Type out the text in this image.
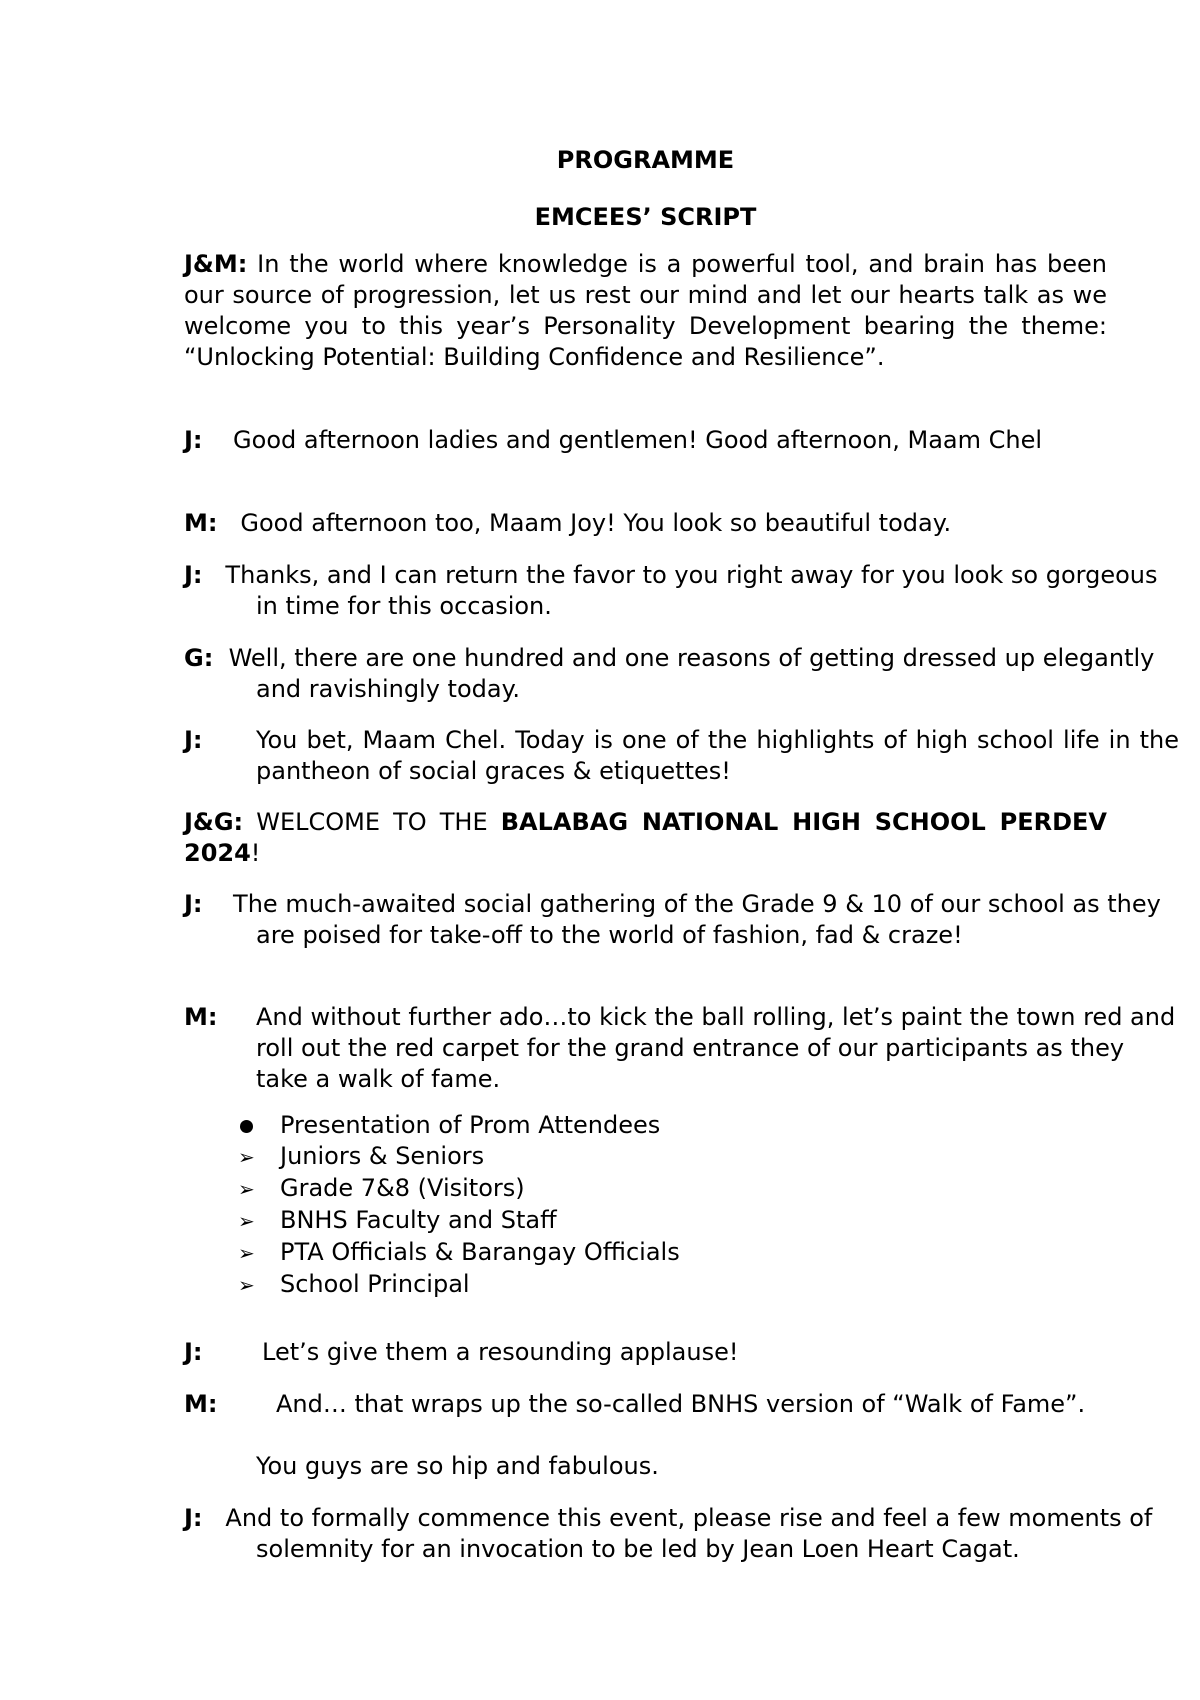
PROGRAMME

EMCEES’ SCRIPT

J&M: In the world where knowledge is a powerful tool, and brain has been our source of progression, let us rest our mind and let our hearts talk as we welcome you to this year’s Personality Development bearing the theme: “Unlocking Potential: Building Confidence and Resilience”.

J: Good afternoon ladies and gentlemen! Good afternoon, Maam Chel

M: Good afternoon too, Maam Joy! You look so beautiful today.

J: Thanks, and I can return the favor to you right away for you look so gorgeous in time for this occasion.

G: Well, there are one hundred and one reasons of getting dressed up elegantly and ravishingly today.

J: You bet, Maam Chel. Today is one of the highlights of high school life in the pantheon of social graces & etiquettes!

J&G: WELCOME TO THE BALABAG NATIONAL HIGH SCHOOL PERDEV 2024!

J: The much-awaited social gathering of the Grade 9 & 10 of our school as they are poised for take-off to the world of fashion, fad & craze!

M: And without further ado…to kick the ball rolling, let’s paint the town red and roll out the red carpet for the grand entrance of our participants as they take a walk of fame.

Presentation of Prom Attendees
➢ Juniors & Seniors
➢ Grade 7&8 (Visitors)
➢ BNHS Faculty and Staff
➢ PTA Officials & Barangay Officials
➢ School Principal

J: Let’s give them a resounding applause!

M: And… that wraps up the so-called BNHS version of “Walk of Fame”.

You guys are so hip and fabulous.

J: And to formally commence this event, please rise and feel a few moments of solemnity for an invocation to be led by Jean Loen Heart Cagat.
